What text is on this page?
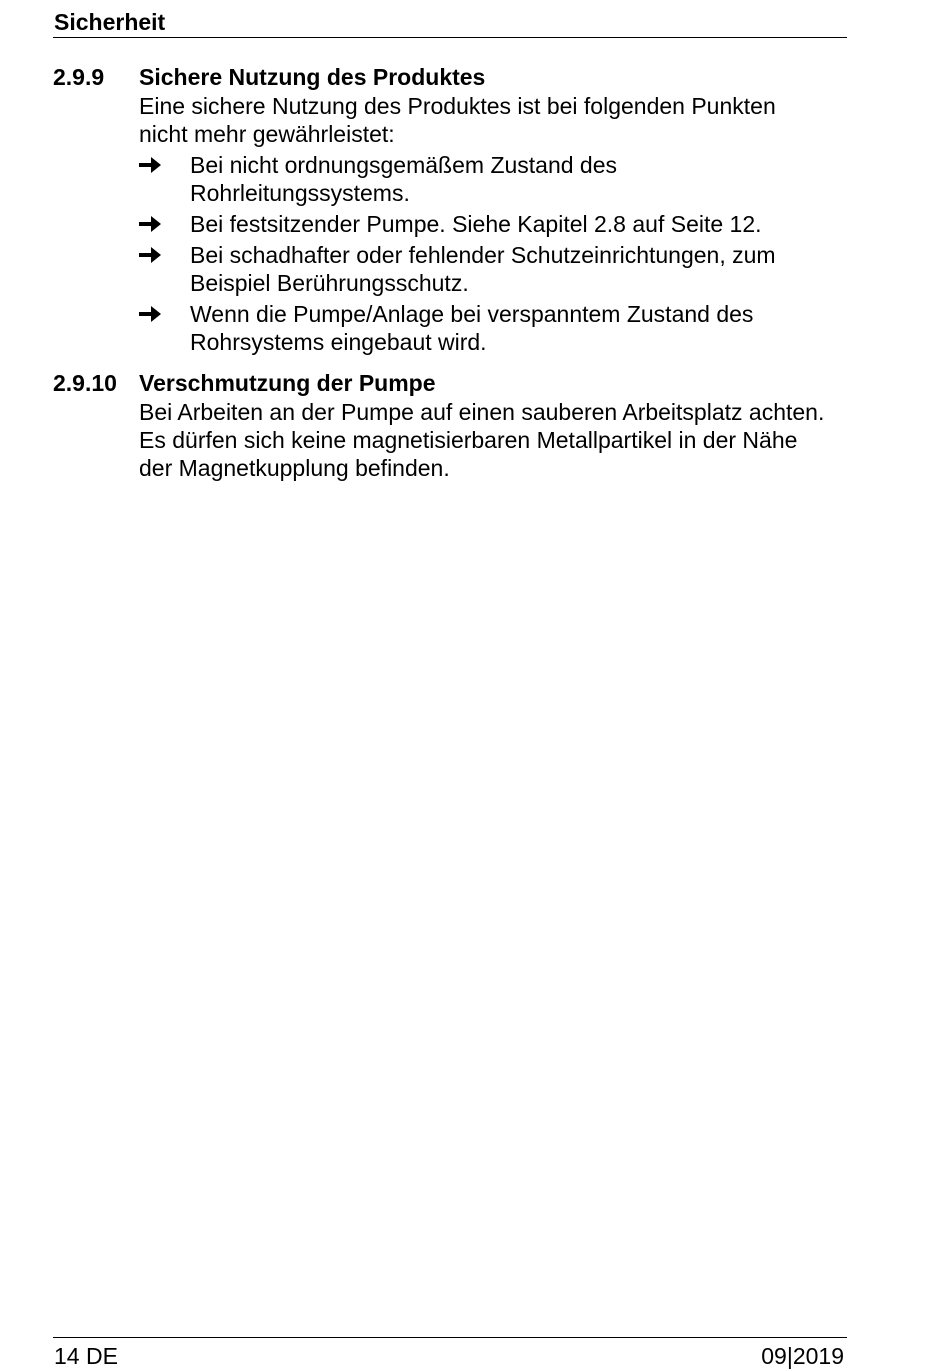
Sicherheit
2.9.9 Sichere Nutzung des Produktes
Eine sichere Nutzung des Produktes ist bei folgenden Punkten nicht mehr gewährleistet:
Bei nicht ordnungsgemäßem Zustand des Rohrleitungssystems.
Bei festsitzender Pumpe. Siehe Kapitel 2.8 auf Seite 12.
Bei schadhafter oder fehlender Schutzeinrichtungen, zum Beispiel Berührungsschutz.
Wenn die Pumpe/Anlage bei verspanntem Zustand des Rohrsystems eingebaut wird.
2.9.10 Verschmutzung der Pumpe
Bei Arbeiten an der Pumpe auf einen sauberen Arbeitsplatz achten. Es dürfen sich keine magnetisierbaren Metallpartikel in der Nähe der Magnetkupplung befinden.
14 DE	09|2019
